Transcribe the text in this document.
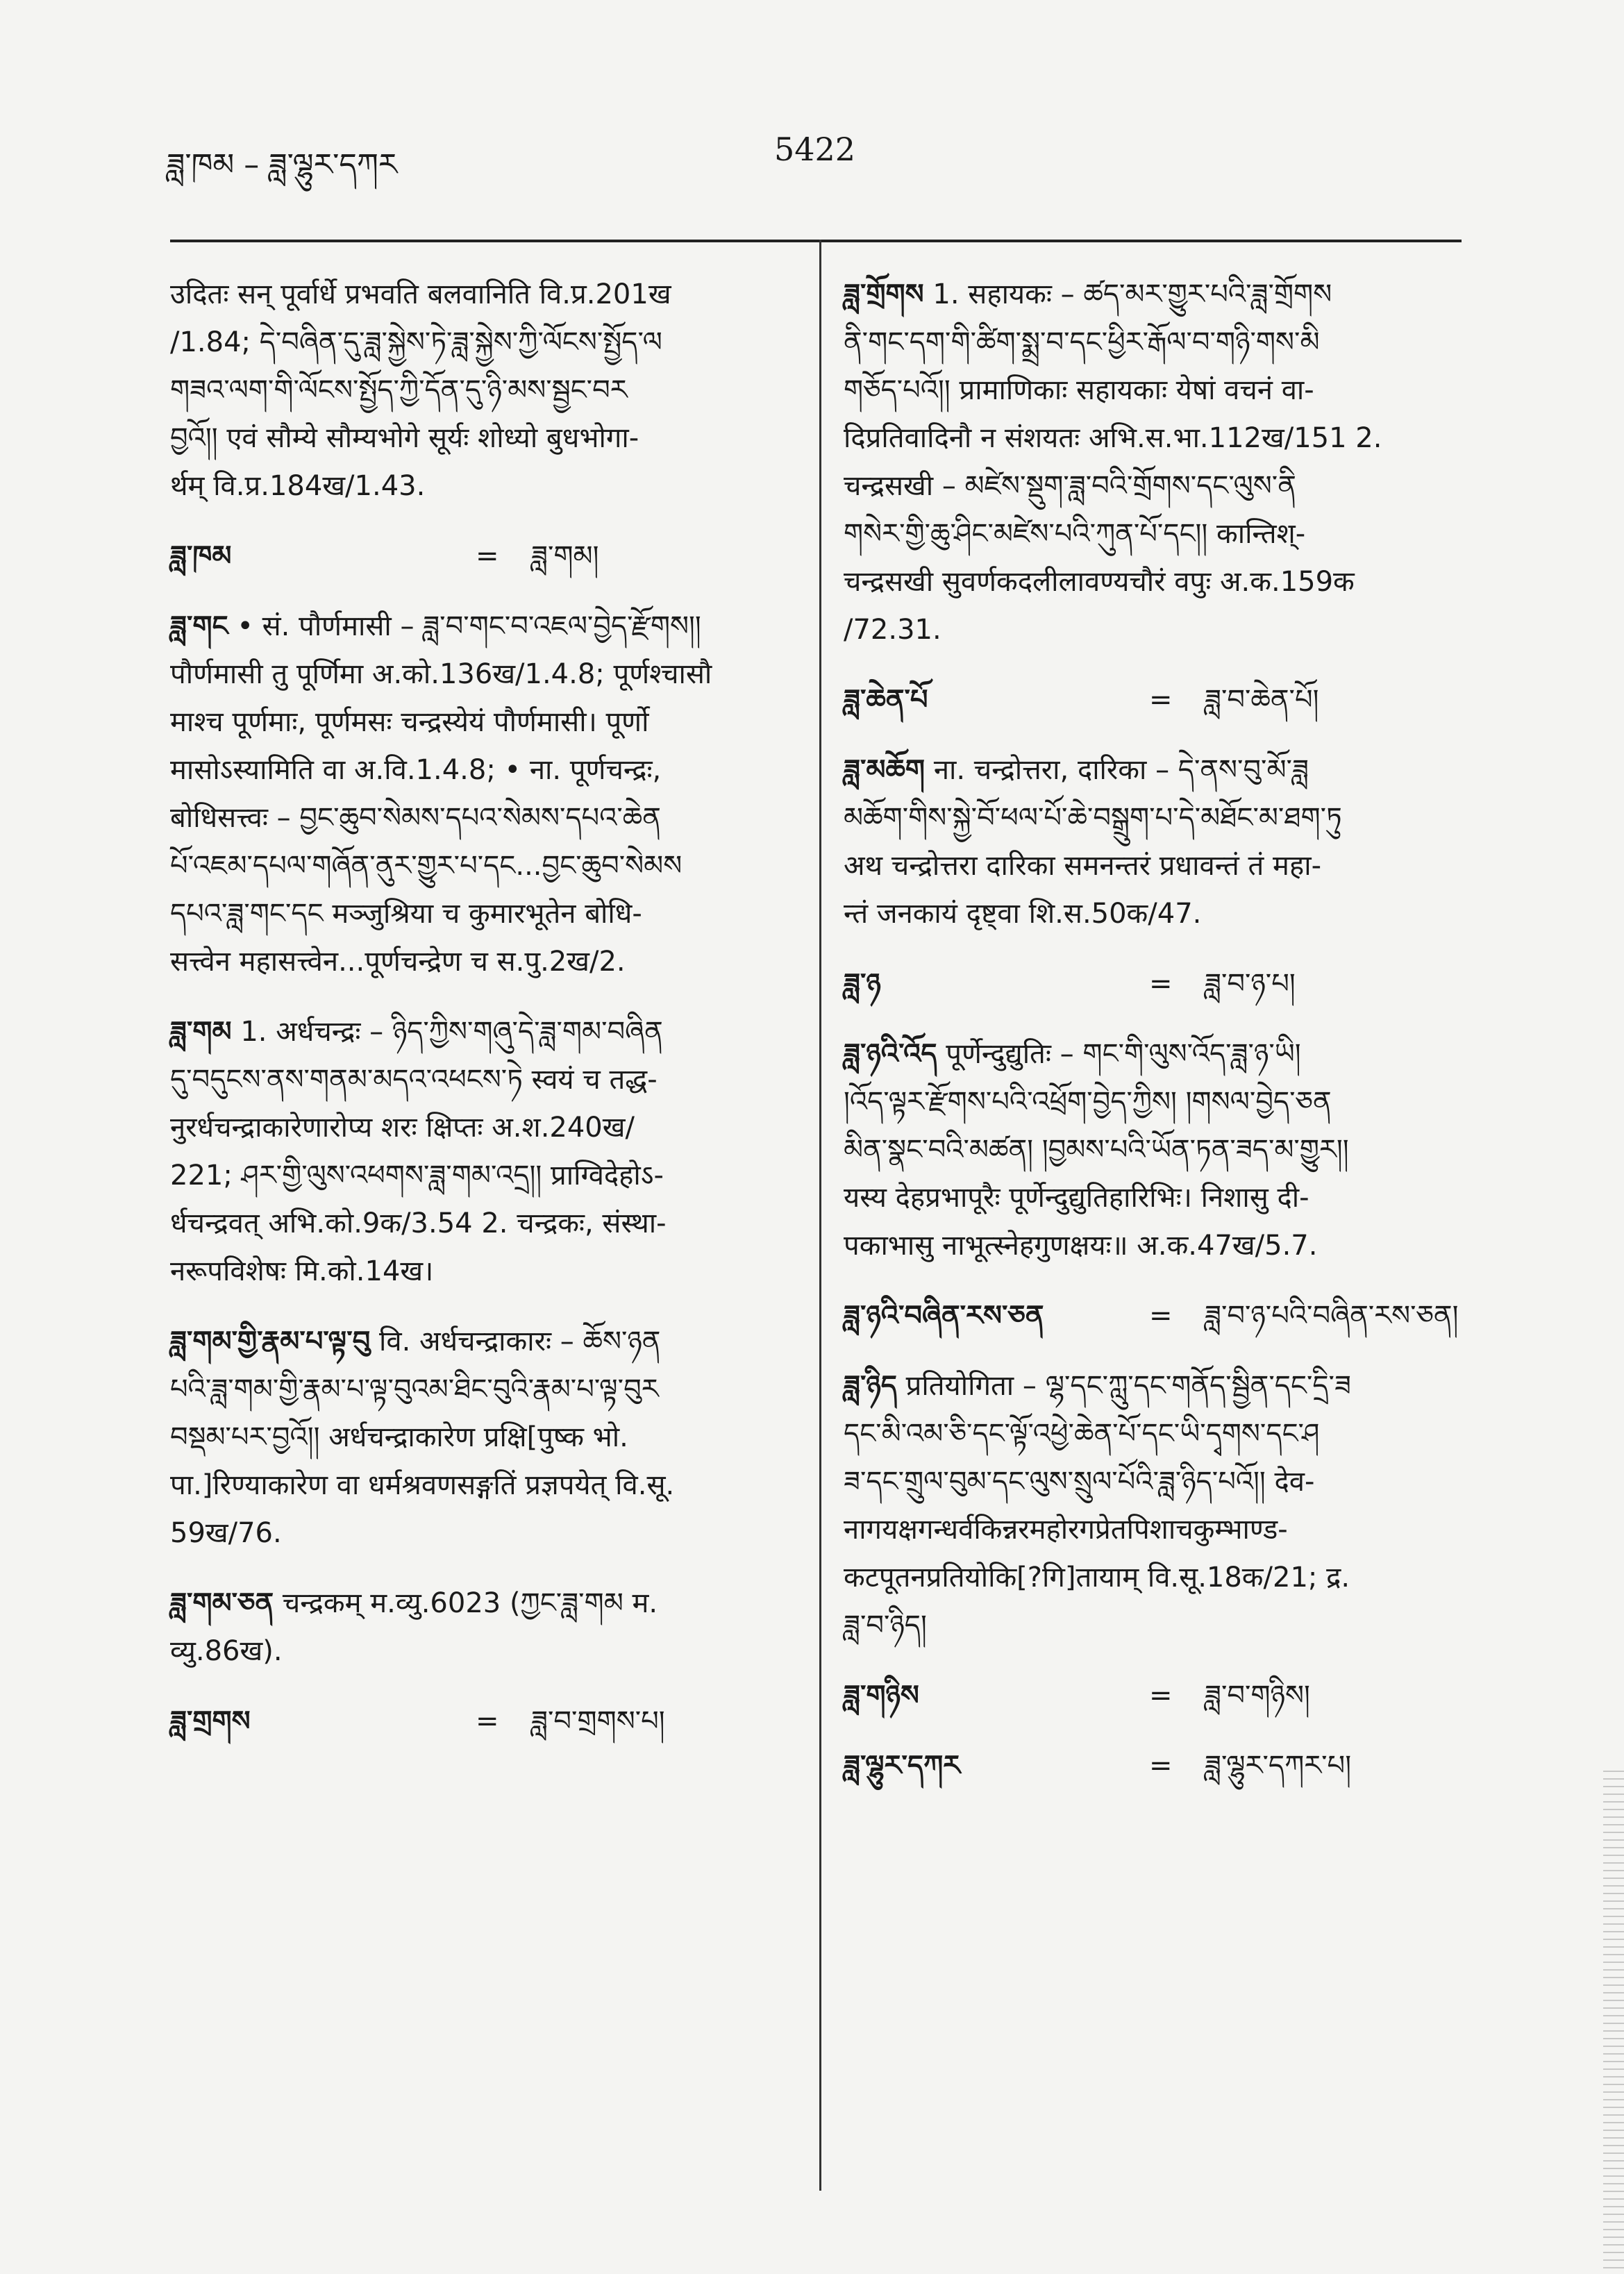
ཟླ་ཁམ – ཟླ་ལྷུར་དཀར	5422

उदितः सन् पूर्वार्धे प्रभवति बलवानिति वि.प्र.201ख

/1.84; དེ་བཞིན་དུ་ཟླ་སྐྱེས་ཏེ་ཟླ་སྐྱེས་ཀྱི་ལོངས་སྤྱོད་ལ

གཟའ་ལག་གི་ལོངས་སྤྱོད་ཀྱི་དོན་དུ་ཉི་མས་སྦྱང་བར

བྱའོ།། एवं सौम्ये सौम्यभोगे सूर्यः शोध्यो बुधभोगा-

र्थम् वि.प्र.184ख/1.43.

ཟླ་ཁམ	=	ཟླ་གམ།

ཟླ་གང • सं. पौर्णमासी – ཟླ་བ་གང་བ་འཇལ་བྱེད་རྫོགས།།

पौर्णमासी तु पूर्णिमा अ.को.136ख/1.4.8; पूर्णश्चासौ

माश्च पूर्णमाः, पूर्णमसः चन्द्रस्येयं पौर्णमासी। पूर्णो

मासोऽस्यामिति वा अ.वि.1.4.8; • ना. पूर्णचन्द्रः,

बोधिसत्त्वः – བྱང་ཆུབ་སེམས་དཔའ་སེམས་དཔའ་ཆེན

པོ་འཇམ་དཔལ་གཞོན་ནུར་གྱུར་པ་དང...བྱང་ཆུབ་སེམས

དཔའ་ཟླ་གང་དང मञ्जुश्रिया च कुमारभूतेन बोधि-

सत्त्वेन महासत्त्वेन...पूर्णचन्द्रेण च स.पु.2ख/2.

ཟླ་གམ 1. अर्धचन्द्रः – ཉིད་ཀྱིས་གཞུ་དེ་ཟླ་གམ་བཞིན

དུ་བདུངས་ནས་གནམ་མདའ་འཕངས་ཏེ स्वयं च तद्ध-

नुरर्धचन्द्राकारेणारोप्य शरः क्षिप्तः अ.श.240ख/

221; ཤར་གྱི་ལུས་འཕགས་ཟླ་གམ་འདྲ།། प्राग्विदेहोऽ-

र्धचन्द्रवत् अभि.को.9क/3.54 2. चन्द्रकः, संस्था-

नरूपविशेषः मि.को.14ख।

ཟླ་གམ་གྱི་རྣམ་པ་ལྟ་བུ वि. अर्धचन्द्राकारः – ཆོས་ཉན

པའི་ཟླ་གམ་གྱི་རྣམ་པ་ལྟ་བུའམ་ཐིང་བུའི་རྣམ་པ་ལྟ་བུར

བསྡམ་པར་བྱའོ།། अर्धचन्द्राकारेण प्रक्षि[पुष्क भो.

पा.]रिण्याकारेण वा धर्मश्रवणसङ्गतिं प्रज्ञपयेत् वि.सू.

59ख/76.

ཟླ་གམ་ཅན चन्द्रकम् म.व्यु.6023 (ཀྱང་ཟླ་གམ म.

व्यु.86ख).

ཟླ་གྲགས	=	ཟླ་བ་གྲགས་པ།

ཟླ་གྲོགས 1. सहायकः – ཚད་མར་གྱུར་པའི་ཟླ་གྲོགས

ནི་གང་དག་གི་ཚིག་སྨྲ་བ་དང་ཕྱིར་རྒོལ་བ་གཉི་གས་མི

གཅོད་པའོ།། प्रामाणिकाः सहायकाः येषां वचनं वा-

दिप्रतिवादिनौ न संशयतः अभि.स.भा.112ख/151 2.

चन्द्रसखी – མཛེས་སྡུག་ཟླ་བའི་གྲོགས་དང་ལུས་ནི

གསེར་གྱི་ཆུ་ཤིང་མཛེས་པའི་ཀུན་པོ་དང།། कान्तिश्-

चन्द्रसखी सुवर्णकदलीलावण्यचौरं वपुः अ.क.159क

/72.31.

ཟླ་ཆེན་པོ	=	ཟླ་བ་ཆེན་པོ།

ཟླ་མཆོག ना. चन्द्रोत्तरा, दारिका – དེ་ནས་བུ་མོ་ཟླ

མཆོག་གིས་སྐྱེ་བོ་ཕལ་པོ་ཆེ་བསྒྲུག་པ་དེ་མཐོང་མ་ཐག་ཏུ

अथ चन्द्रोत्तरा दारिका समनन्तरं प्रधावन्तं तं महा-

न्तं जनकायं दृष्ट्वा शि.स.50क/47.

ཟླ་ཉ	=	ཟླ་བ་ཉ་པ།

ཟླ་ཉའི་འོད पूर्णेन्दुद्युतिः – གང་གི་ལུས་འོད་ཟླ་ཉ་ཡི།

།འོད་ལྟར་རྫོགས་པའི་འཕྲོག་བྱེད་ཀྱིས། །གསལ་བྱེད་ཅན

མིན་སྣང་བའི་མཚན། །བྱམས་པའི་ཡོན་ཏན་ཟད་མ་གྱུར།།

यस्य देहप्रभापूरैः पूर्णेन्दुद्युतिहारिभिः। निशासु दी-

पकाभासु नाभूत्स्नेहगुणक्षयः॥ अ.क.47ख/5.7.

ཟླ་ཉའི་བཞིན་རས་ཅན	=	ཟླ་བ་ཉ་པའི་བཞིན་རས་ཅན།

ཟླ་ཉིད प्रतियोगिता – ལྷ་དང་ཀླུ་དང་གནོད་སྦྱིན་དང་དྲི་ཟ

དང་མི་འམ་ཅི་དང་ལྟོ་འཕྱེ་ཆེན་པོ་དང་ཡི་དྭགས་དང་ཤ

ཟ་དང་གྲུལ་བུམ་དང་ལུས་སྲུལ་པོའི་ཟླ་ཉིད་པའོ།། देव-

नागयक्षगन्धर्वकिन्नरमहोरगप्रेतपिशाचकुम्भाण्ड-

कटपूतनप्रतियोकि[?गि]तायाम् वि.सू.18क/21; द्र.

ཟླ་བ་ཉིད།

ཟླ་གཉིས	=	ཟླ་བ་གཉིས།
ཟླ་ལྷུར་དཀར	=	ཟླ་ལྷུར་དཀར་པ།
